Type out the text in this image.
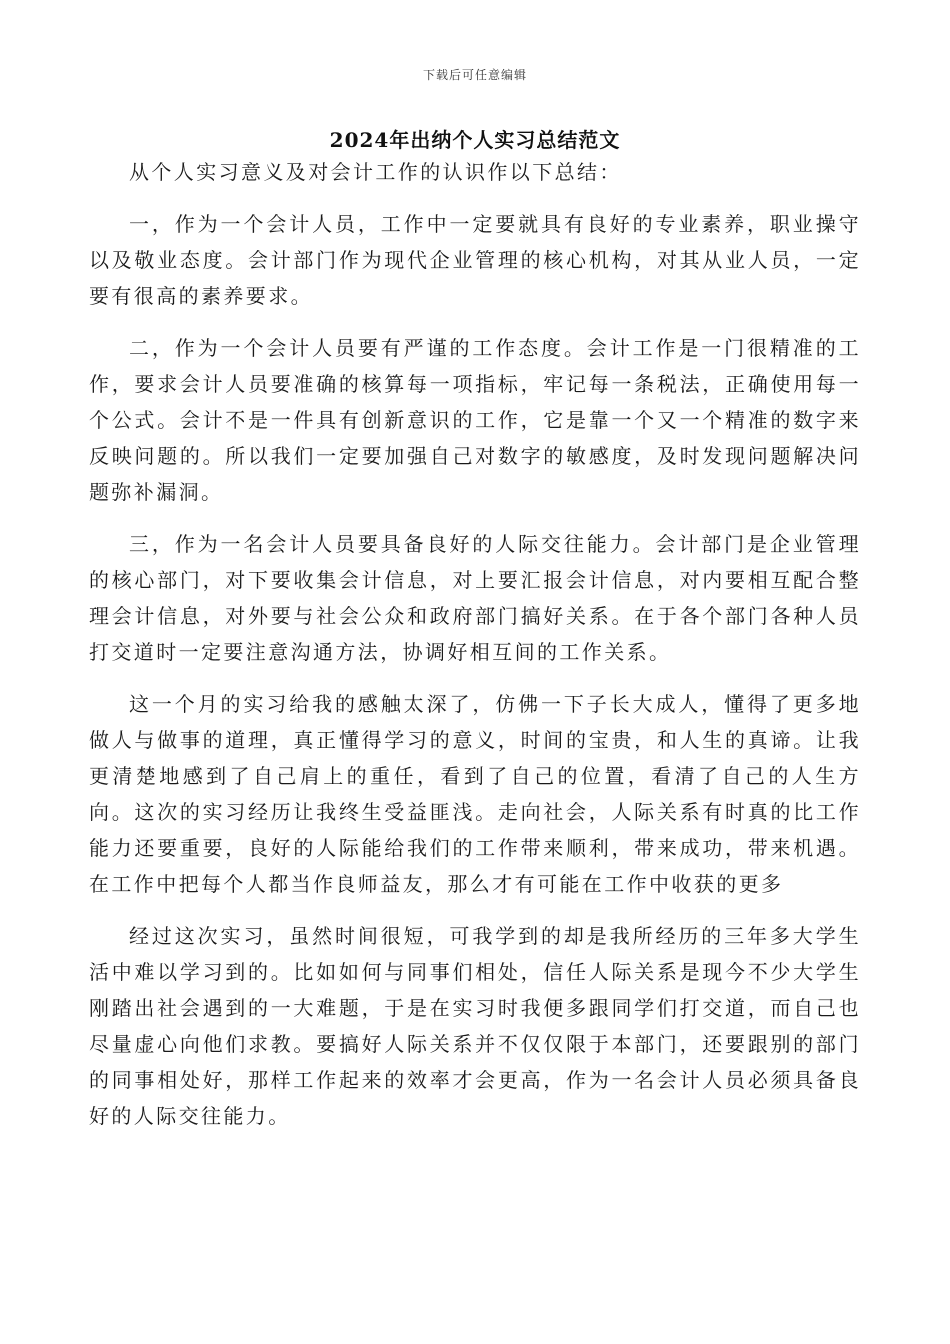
下载后可任意编辑
2024年出纳个人实习总结范文

从个人实习意义及对会计工作的认识作以下总结：

一，作为一个会计人员，工作中一定要就具有良好的专业素养，职业操守以及敬业态度。会计部门作为现代企业管理的核心机构，对其从业人员，一定要有很高的素养要求。

二，作为一个会计人员要有严谨的工作态度。会计工作是一门很精准的工作，要求会计人员要准确的核算每一项指标，牢记每一条税法，正确使用每一个公式。会计不是一件具有创新意识的工作，它是靠一个又一个精准的数字来反映问题的。所以我们一定要加强自己对数字的敏感度，及时发现问题解决问题弥补漏洞。

三，作为一名会计人员要具备良好的人际交往能力。会计部门是企业管理的核心部门，对下要收集会计信息，对上要汇报会计信息，对内要相互配合整理会计信息，对外要与社会公众和政府部门搞好关系。在于各个部门各种人员打交道时一定要注意沟通方法，协调好相互间的工作关系。

这一个月的实习给我的感触太深了，仿佛一下子长大成人，懂得了更多地做人与做事的道理，真正懂得学习的意义，时间的宝贵，和人生的真谛。让我更清楚地感到了自己肩上的重任，看到了自己的位置，看清了自己的人生方向。这次的实习经历让我终生受益匪浅。走向社会，人际关系有时真的比工作能力还要重要，良好的人际能给我们的工作带来顺利，带来成功，带来机遇。在工作中把每个人都当作良师益友，那么才有可能在工作中收获的更多

经过这次实习，虽然时间很短，可我学到的却是我所经历的三年多大学生活中难以学习到的。比如如何与同事们相处，信任人际关系是现今不少大学生刚踏出社会遇到的一大难题，于是在实习时我便多跟同学们打交道，而自己也尽量虚心向他们求教。要搞好人际关系并不仅仅限于本部门，还要跟别的部门的同事相处好，那样工作起来的效率才会更高，作为一名会计人员必须具备良好的人际交往能力。
